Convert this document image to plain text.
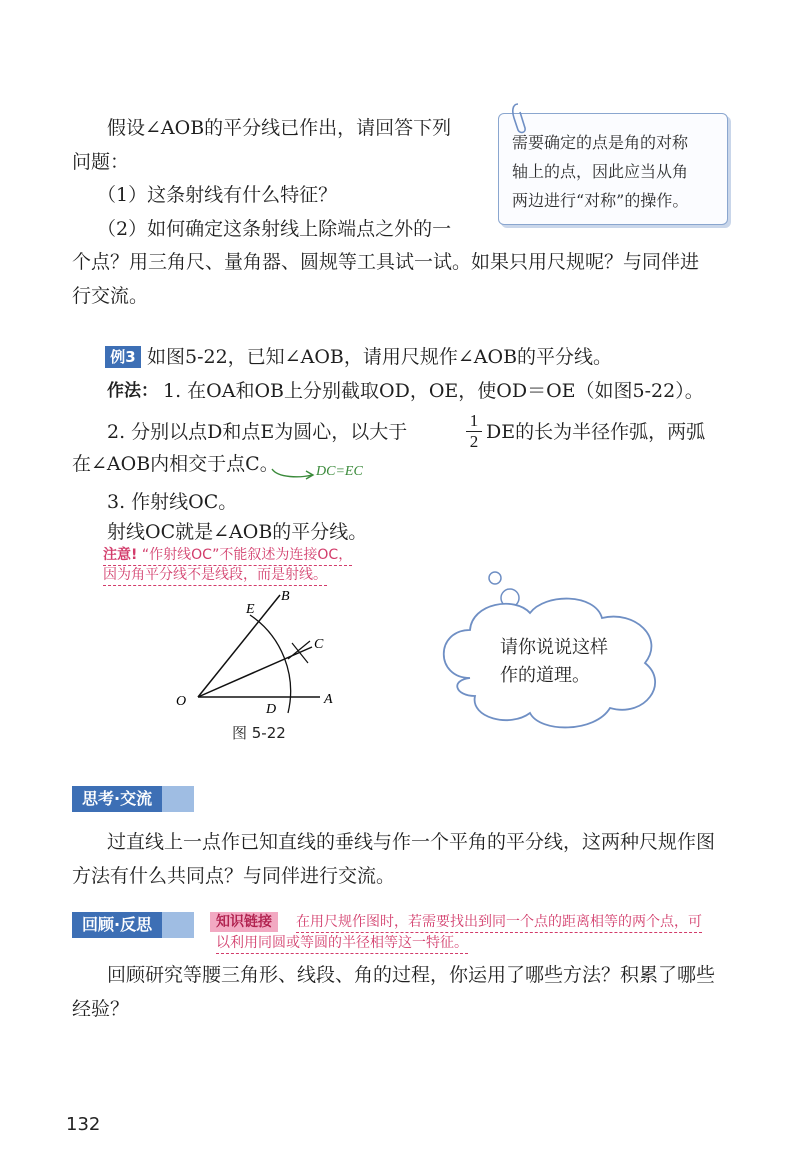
假设∠AOB的平分线已作出，请回答下列
问题：
（1）这条射线有什么特征？
（2）如何确定这条射线上除端点之外的一
个点？用三角尺、量角器、圆规等工具试一试。如果只用尺规呢？与同伴进
行交流。
需要确定的点是角的对称
轴上的点，因此应当从角
两边进行“对称”的操作。
例3 如图5-22，已知∠AOB，请用尺规作∠AOB的平分线。
作法： 1. 在OA和OB上分别截取OD，OE，使OD＝OE（如图5-22）。
2. 分别以点D和点E为圆心，以大于
1
2 DE的长为半径作弧，两弧
在∠AOB内相交于点C。	DC=EC
3. 作射线OC。
射线OC就是∠AOB的平分线。
注意! “作射线OC”不能叙述为连接OC，
因为角平分线不是线段，而是射线。
O	A
B
C
D
E
图 5-22
请你说说这样
作的道理。
思考·交流
过直线上一点作已知直线的垂线与作一个平角的平分线，这两种尺规作图
方法有什么共同点？与同伴进行交流。
回顾·反思	知识链接	在用尺规作图时，若需要找出到同一个点的距离相等的两个点，可
以利用同圆或等圆的半径相等这一特征。
回顾研究等腰三角形、线段、角的过程，你运用了哪些方法？积累了哪些
经验？
132
